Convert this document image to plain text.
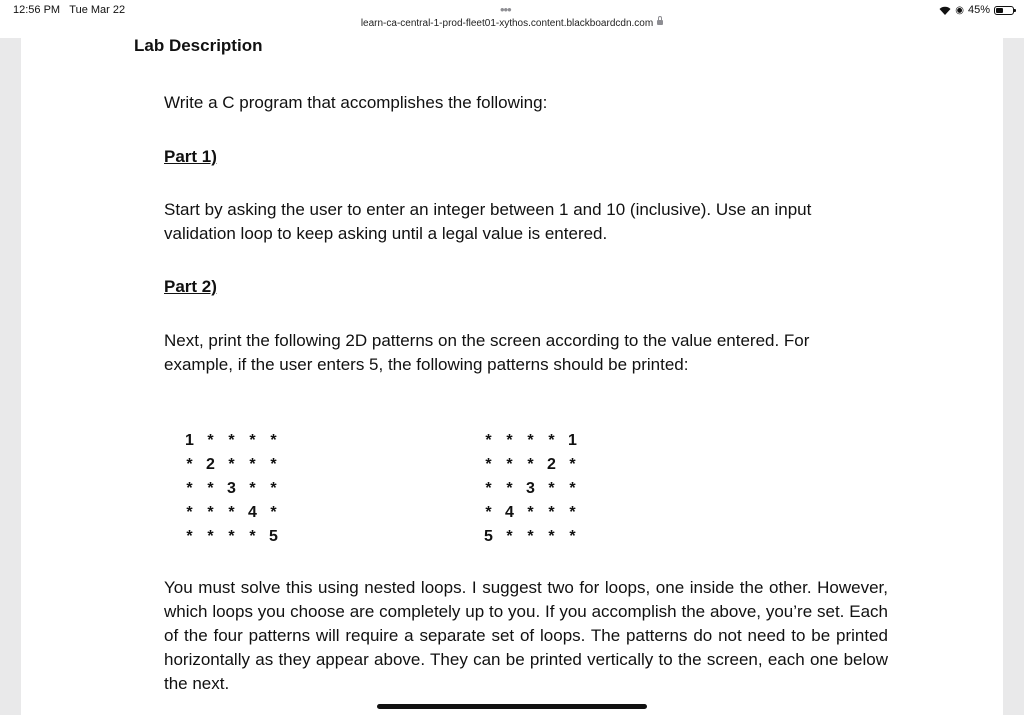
12:56 PM Tue Mar 22	•••
learn-ca-central-1-prod-fleet01-xythos.content.blackboardcdn.com
◉ 45%
Lab Description
Write a C program that accomplishes the following:
Part 1)
Start by asking the user to enter an integer between 1 and 10 (inclusive). Use an input
validation loop to keep asking until a legal value is entered.
Part 2)
Next, print the following 2D patterns on the screen according to the value entered. For
example, if the user enters 5, the following patterns should be printed:
1 * * * *
* 2 * * *
* * 3 * *
* * * 4 *
* * * * 5
* * * * 1
* * * 2 *
* * 3 * *
* 4 * * *
5 * * * *
You must solve this using nested loops. I suggest two for loops, one inside the other. However, which loops you choose are completely up to you. If you accomplish the above, you’re set. Each of the four patterns will require a separate set of loops. The patterns do not need to be printed horizontally as they appear above. They can be printed vertically to the screen, each one below the next.
